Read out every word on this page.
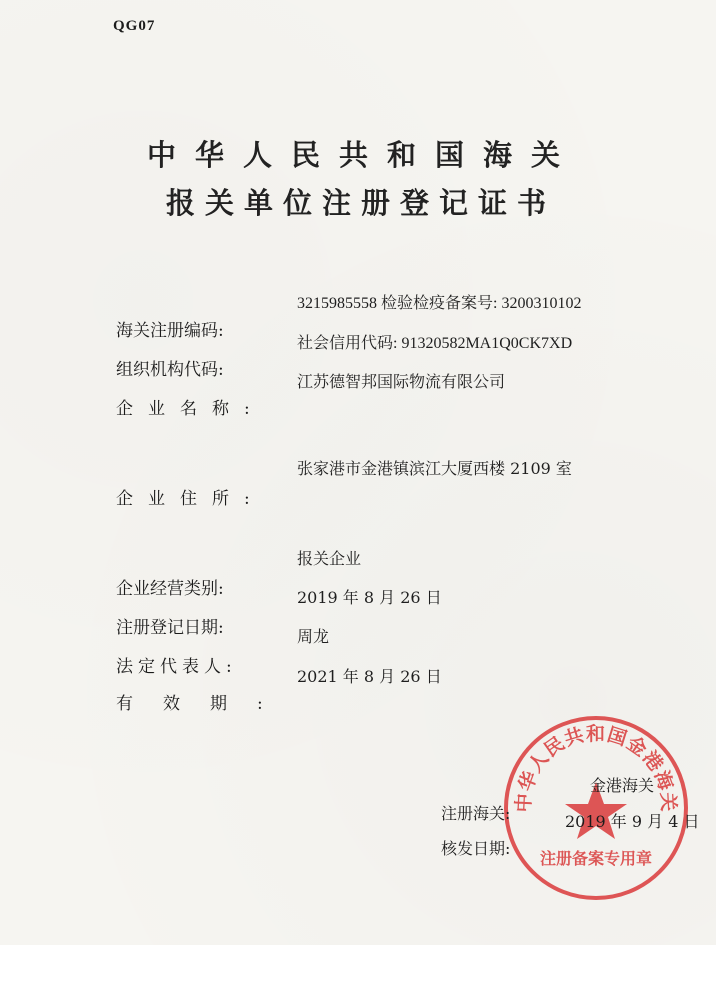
QG07
中华人民共和国海关
报关单位注册登记证书
3215985558 检验检疫备案号: 3200310102
社会信用代码: 91320582MA1Q0CK7XD
江苏德智邦国际物流有限公司
张家港市金港镇滨江大厦西楼 2109 室
报关企业
2019 年 8 月 26 日
周龙
2021 年 8 月 26 日
海关注册编码:
组织机构代码:
企业名称:
企业住所:
企业经营类别:
注册登记日期:
法定代表人:
有效期:
中华人民共和国金港海关
注册备案专用章
金港海关
注册海关:	2019 年 9 月 4 日
核发日期:
